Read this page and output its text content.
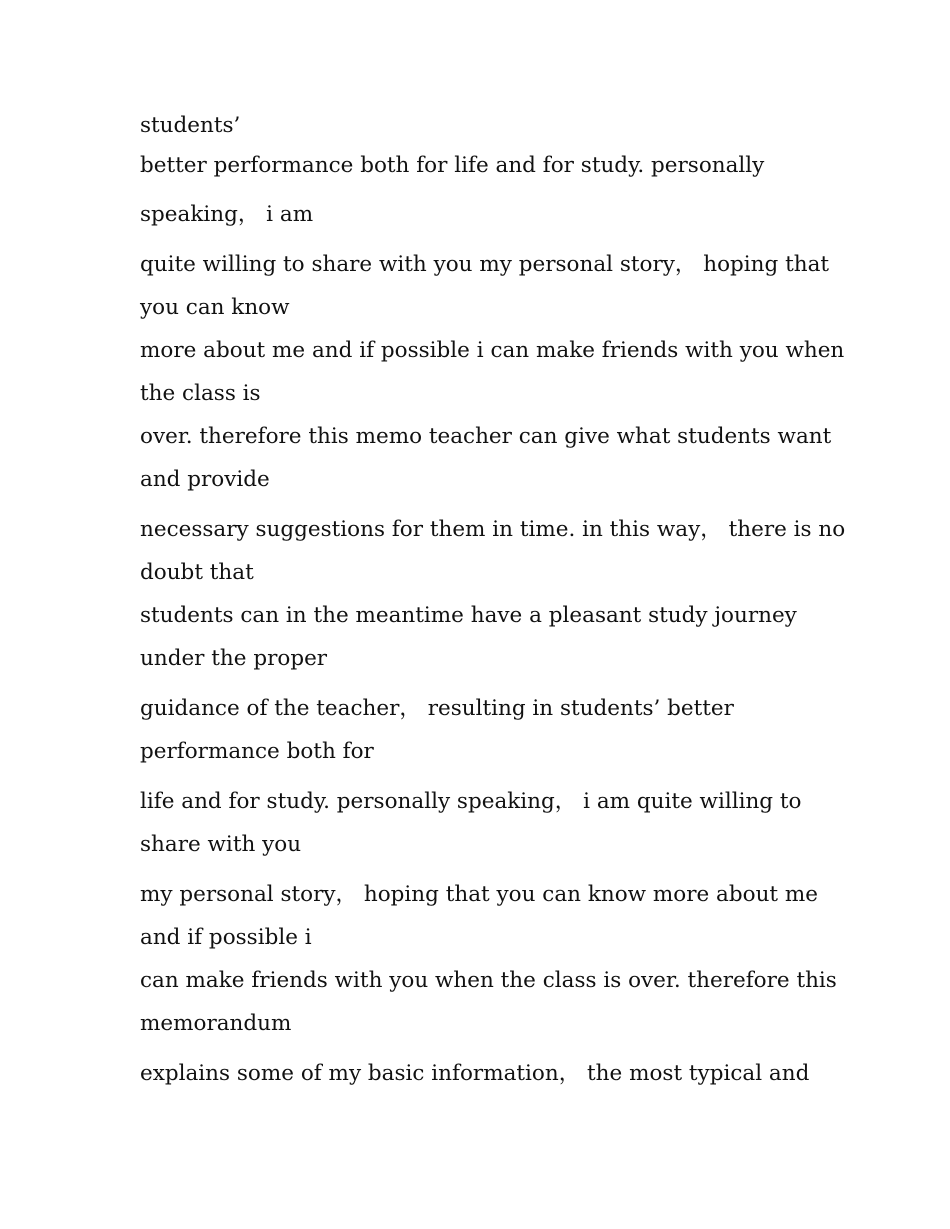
students’

better performance both for life and for study. personally

speaking， i am

quite willing to share with you my personal story， hoping that
you can know

more about me and if possible i can make friends with you when
the class is

over. therefore this memo teacher can give what students want
and provide

necessary suggestions for them in time. in this way， there is no
doubt that

students can in the meantime have a pleasant study journey
under the proper

guidance of the teacher， resulting in students’ better
performance both for

life and for study. personally speaking， i am quite willing to
share with you

my personal story， hoping that you can know more about me
and if possible i

can make friends with you when the class is over. therefore this
memorandum

explains some of my basic information， the most typical and
